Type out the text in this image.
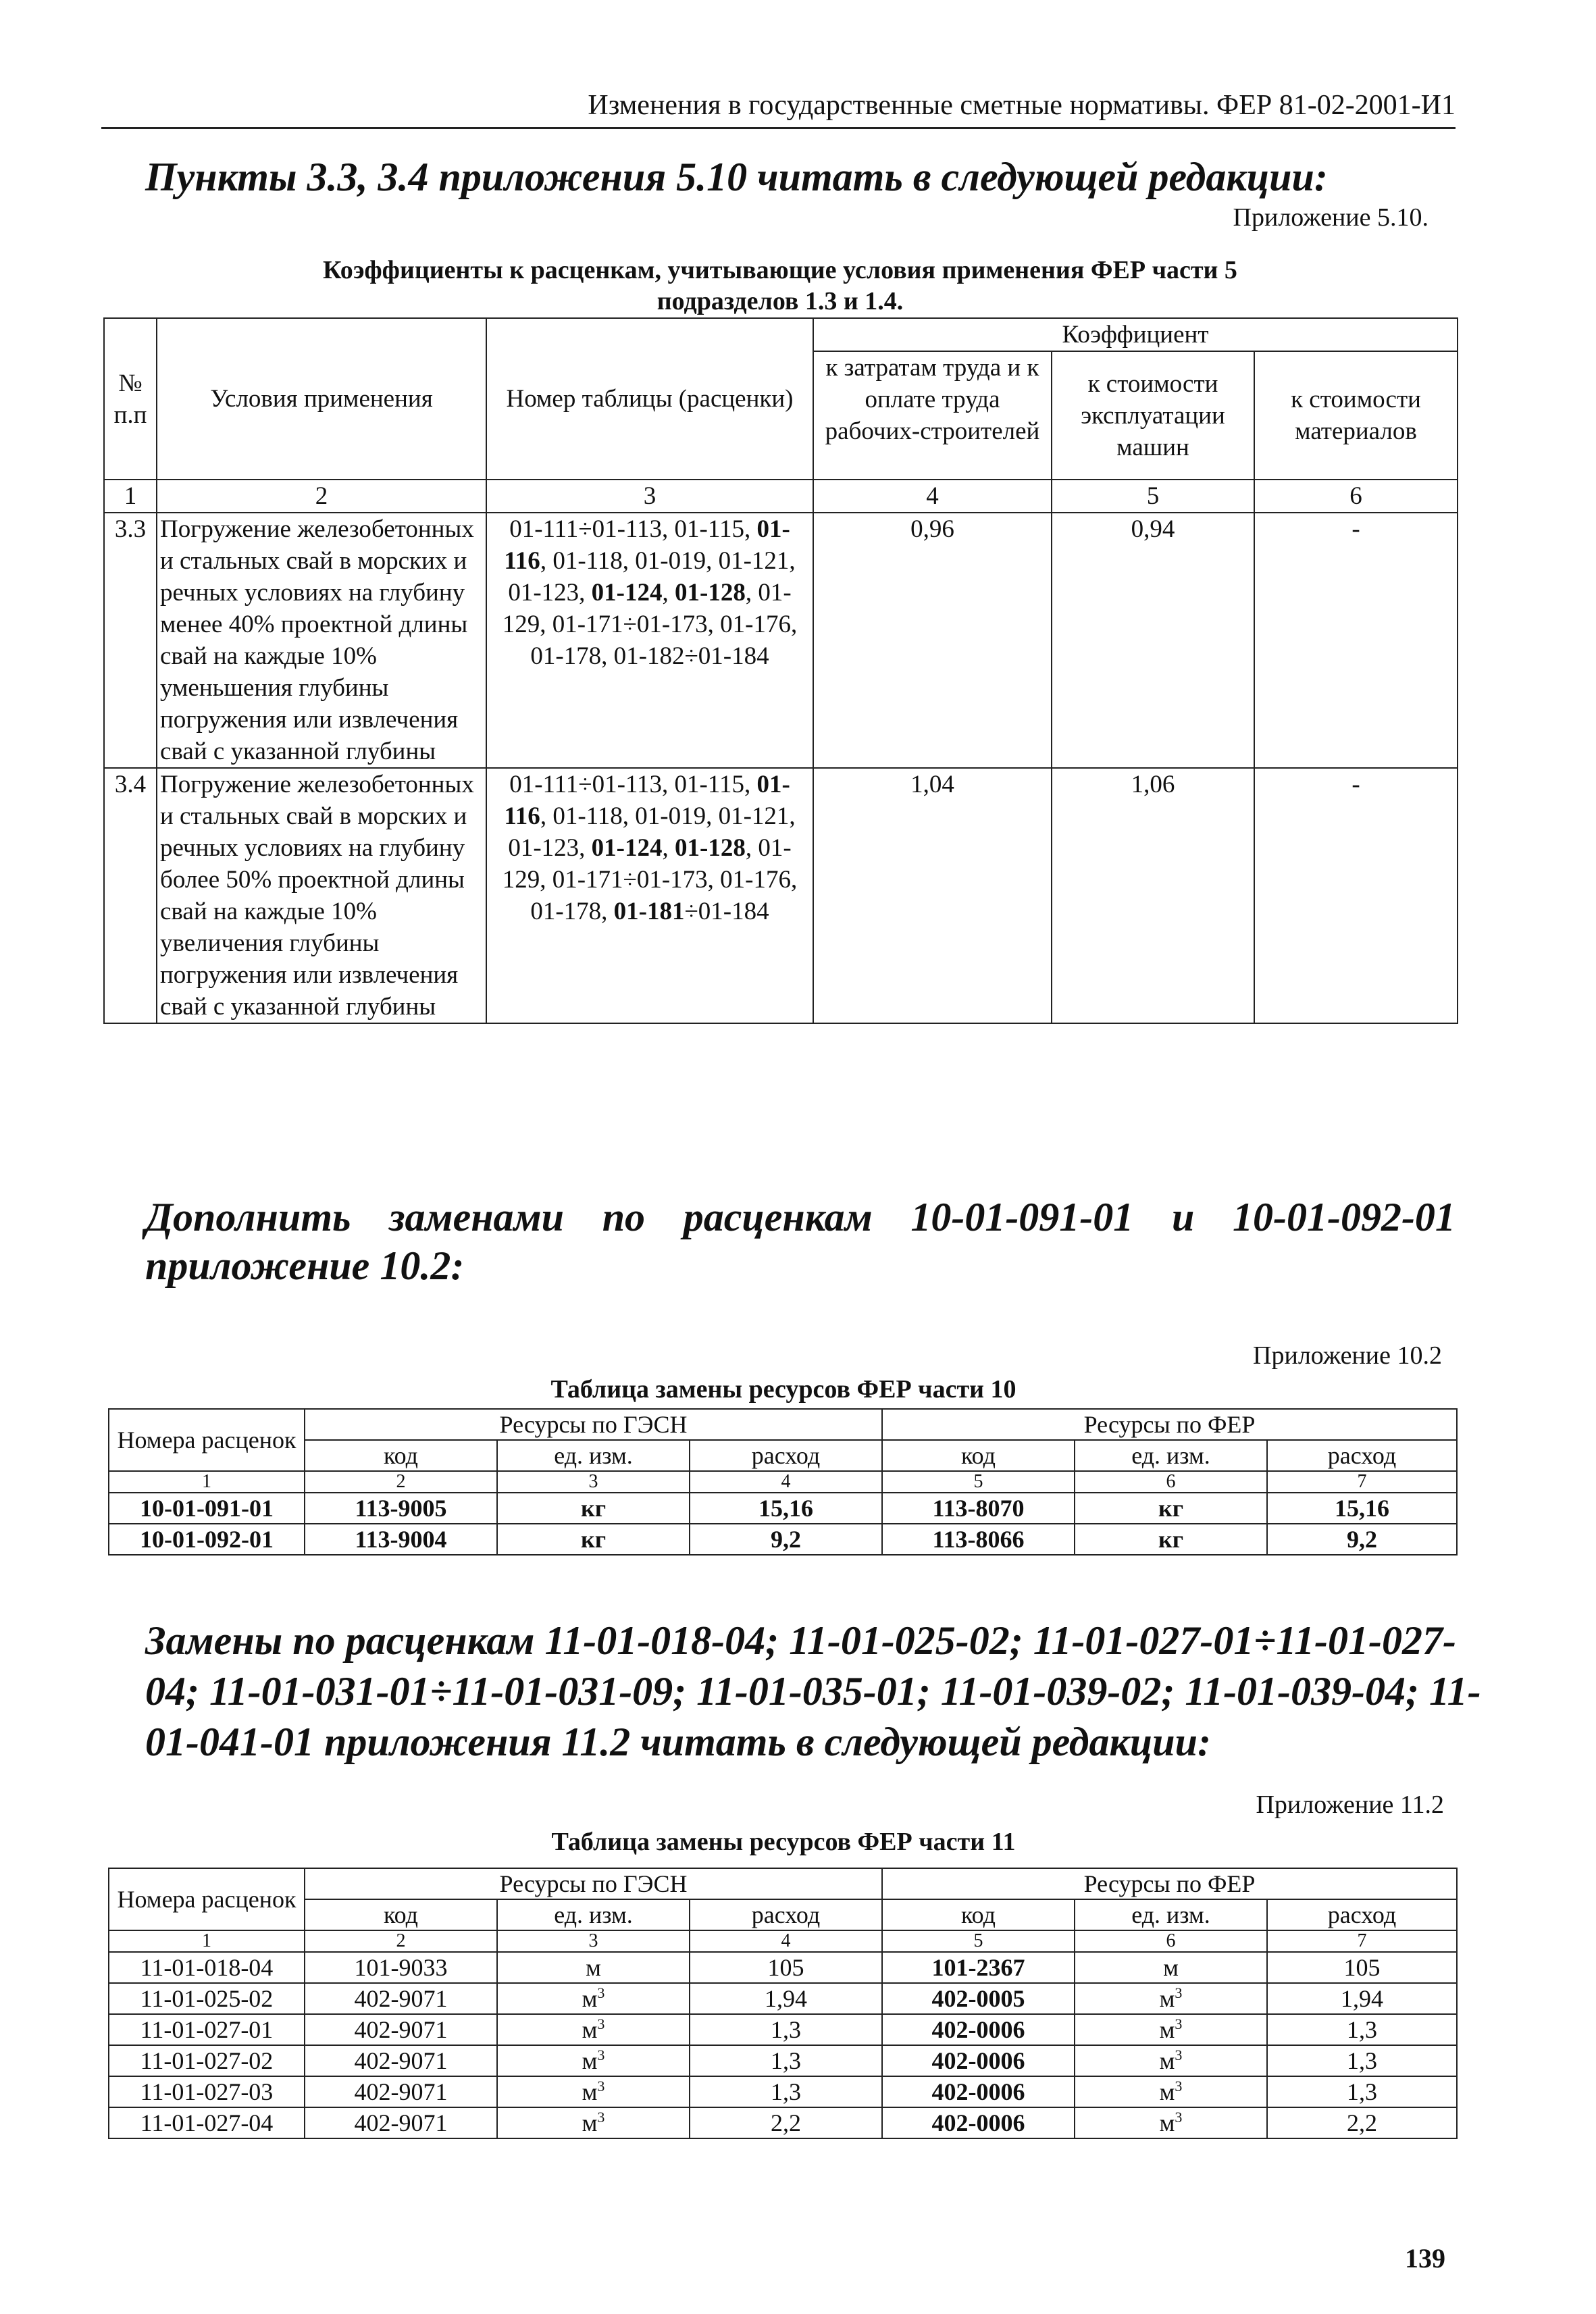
Изменения в государственные сметные нормативы. ФЕР 81-02-2001-И1
Пункты 3.3, 3.4 приложения 5.10 читать в следующей редакции:
Приложение 5.10.
Коэффициенты к расценкам, учитывающие условия применения ФЕР части 5
подразделов 1.3 и 1.4.
№ п.п	Условия применения	Номер таблицы (расценки)	Коэффициент		
			к затратам труда и к оплате труда рабочих-строителей	к стоимости эксплуатации машин	к стоимости материалов
1	2	3	4	5	6
3.3	Погружение железобетонных и стальных свай в морских и речных условиях на глубину менее 40% проектной длины свай на каждые 10% уменьшения глубины погружения или извлечения свай с указанной глубины	01-111÷01-113, 01-115, 01-116, 01-118, 01-019, 01-121, 01-123, 01-124, 01-128, 01-129, 01-171÷01-173, 01-176, 01-178, 01-182÷01-184	0,96	0,94	-
3.4	Погружение железобетонных и стальных свай в морских и речных условиях на глубину более 50% проектной длины свай на каждые 10% увеличения глубины погружения или извлечения свай с указанной глубины	01-111÷01-113, 01-115, 01-116, 01-118, 01-019, 01-121, 01-123, 01-124, 01-128, 01-129, 01-171÷01-173, 01-176, 01-178, 01-181÷01-184	1,04	1,06	-
Дополнить заменами по расценкам 10-01-091-01 и 10-01-092-01
приложение 10.2:
Приложение 10.2
Таблица замены ресурсов ФЕР части 10
Номера расценок	Ресурсы по ГЭСН			Ресурсы по ФЕР		
	код	ед. изм.	расход	код	ед. изм.	расход
1	2	3	4	5	6	7
10-01-091-01	113-9005	кг	15,16	113-8070	кг	15,16
10-01-092-01	113-9004	кг	9,2	113-8066	кг	9,2
Замены по расценкам 11-01-018-04; 11-01-025-02; 11-01-027-01÷11-01-027-
04; 11-01-031-01÷11-01-031-09; 11-01-035-01; 11-01-039-02; 11-01-039-04; 11-
01-041-01 приложения 11.2 читать в следующей редакции:
Приложение 11.2
Таблица замены ресурсов ФЕР части 11
Номера расценок	Ресурсы по ГЭСН			Ресурсы по ФЕР		
	код	ед. изм.	расход	код	ед. изм.	расход
1	2	3	4	5	6	7
11-01-018-04	101-9033	м	105	101-2367	м	105
11-01-025-02	402-9071	$м^3$	1,94	402-0005	$м^3$	1,94
11-01-027-01	402-9071	$м^3$	1,3	402-0006	$м^3$	1,3
11-01-027-02	402-9071	$м^3$	1,3	402-0006	$м^3$	1,3
11-01-027-03	402-9071	$м^3$	1,3	402-0006	$м^3$	1,3
11-01-027-04	402-9071	$м^3$	2,2	402-0006	$м^3$	2,2
139
